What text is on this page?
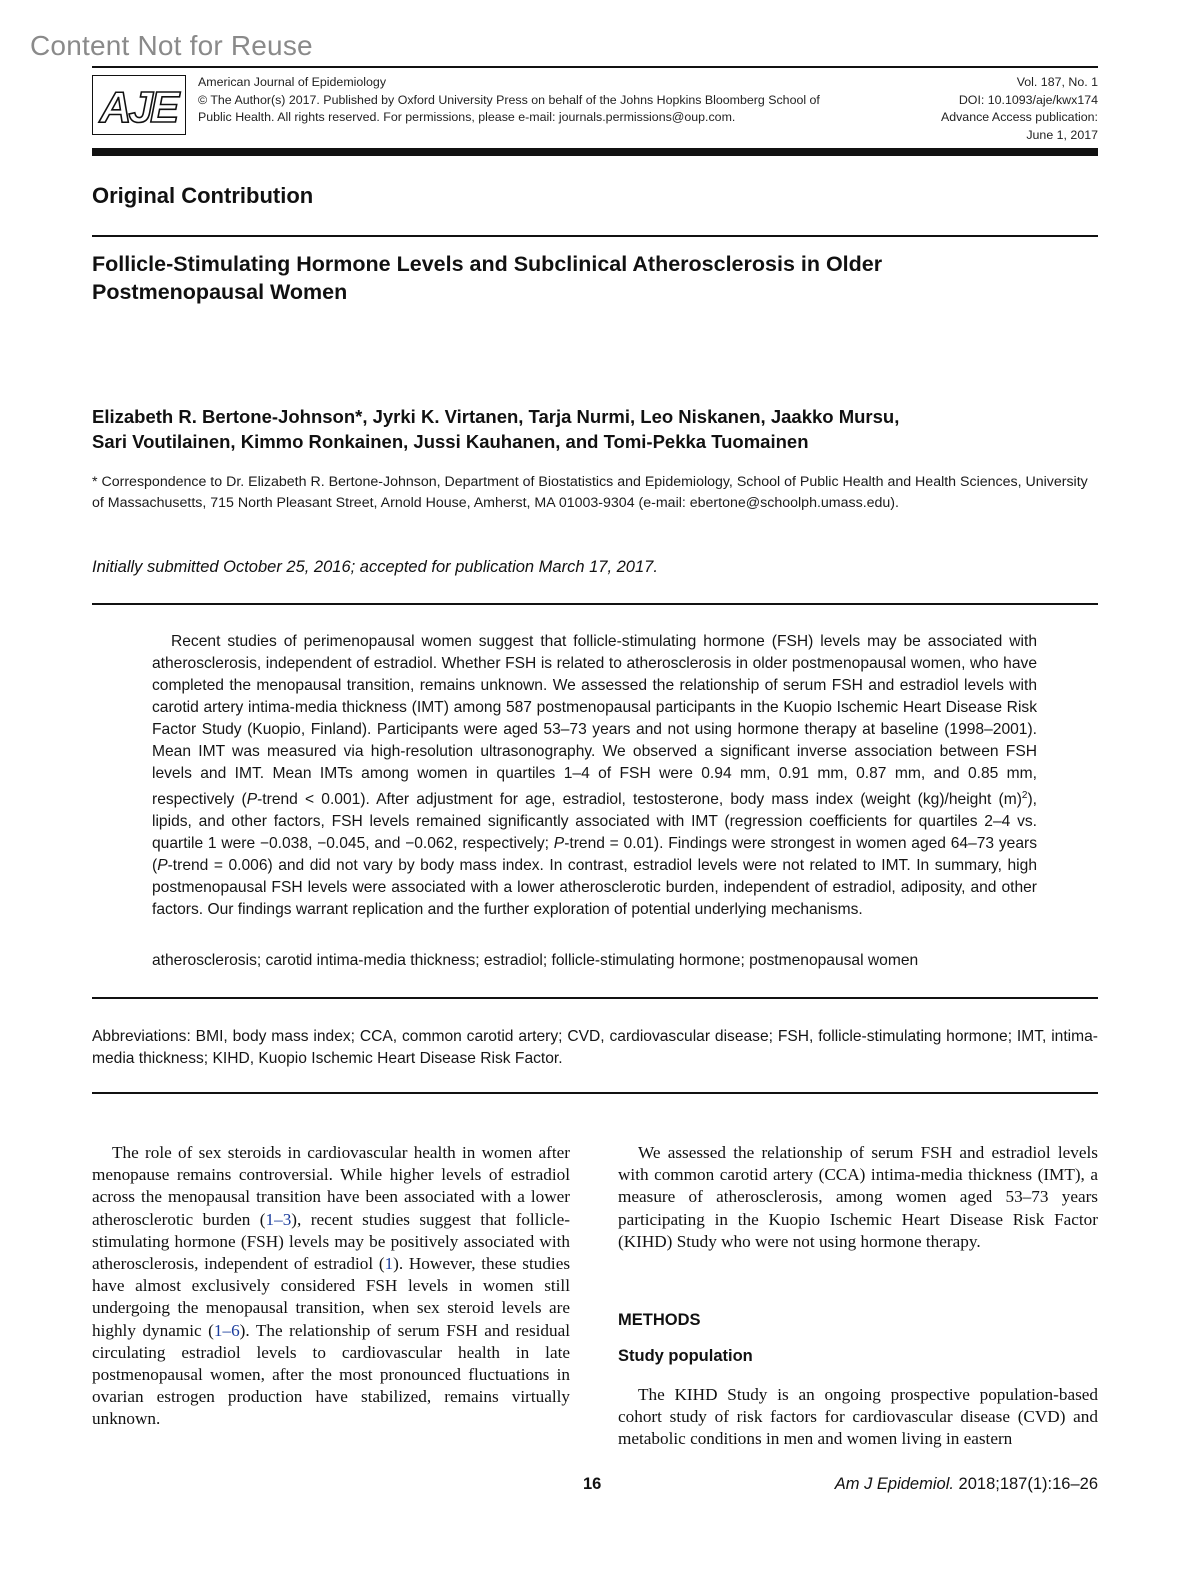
Content Not for Reuse
AJE
American Journal of Epidemiology
© The Author(s) 2017. Published by Oxford University Press on behalf of the Johns Hopkins Bloomberg School of
Public Health. All rights reserved. For permissions, please e-mail: journals.permissions@oup.com.
Vol. 187, No. 1
DOI: 10.1093/aje/kwx174
Advance Access publication:
June 1, 2017
Original Contribution
Follicle-Stimulating Hormone Levels and Subclinical Atherosclerosis in Older Postmenopausal Women
Elizabeth R. Bertone-Johnson*, Jyrki K. Virtanen, Tarja Nurmi, Leo Niskanen, Jaakko Mursu,
Sari Voutilainen, Kimmo Ronkainen, Jussi Kauhanen, and Tomi-Pekka Tuomainen
* Correspondence to Dr. Elizabeth R. Bertone-Johnson, Department of Biostatistics and Epidemiology, School of Public Health and Health Sciences, University of Massachusetts, 715 North Pleasant Street, Arnold House, Amherst, MA 01003-9304 (e-mail: ebertone@schoolph.umass.edu).
Initially submitted October 25, 2016; accepted for publication March 17, 2017.
Recent studies of perimenopausal women suggest that follicle-stimulating hormone (FSH) levels may be associated with atherosclerosis, independent of estradiol. Whether FSH is related to atherosclerosis in older postmenopausal women, who have completed the menopausal transition, remains unknown. We assessed the relationship of serum FSH and estradiol levels with carotid artery intima-media thickness (IMT) among 587 postmenopausal participants in the Kuopio Ischemic Heart Disease Risk Factor Study (Kuopio, Finland). Participants were aged 53–73 years and not using hormone therapy at baseline (1998–2001). Mean IMT was measured via high-resolution ultrasonography. We observed a significant inverse association between FSH levels and IMT. Mean IMTs among women in quartiles 1–4 of FSH were 0.94 mm, 0.91 mm, 0.87 mm, and 0.85 mm, respectively (P-trend < 0.001). After adjustment for age, estradiol, testosterone, body mass index (weight (kg)/height $(m)^2$), lipids, and other factors, FSH levels remained significantly associated with IMT (regression coefficients for quartiles 2–4 vs. quartile 1 were −0.038, −0.045, and −0.062, respectively; P-trend = 0.01). Findings were strongest in women aged 64–73 years (P-trend = 0.006) and did not vary by body mass index. In contrast, estradiol levels were not related to IMT. In summary, high postmenopausal FSH levels were associated with a lower atherosclerotic burden, independent of estradiol, adiposity, and other factors. Our findings warrant replication and the further exploration of potential underlying mechanisms.
atherosclerosis; carotid intima-media thickness; estradiol; follicle-stimulating hormone; postmenopausal women
Abbreviations: BMI, body mass index; CCA, common carotid artery; CVD, cardiovascular disease; FSH, follicle-stimulating hormone; IMT, intima-media thickness; KIHD, Kuopio Ischemic Heart Disease Risk Factor.
The role of sex steroids in cardiovascular health in women after menopause remains controversial. While higher levels of estradiol across the menopausal transition have been associated with a lower atherosclerotic burden (1–3), recent studies suggest that follicle-stimulating hormone (FSH) levels may be positively associated with atherosclerosis, independent of estradiol (1). However, these studies have almost exclusively considered FSH levels in women still undergoing the menopausal transition, when sex steroid levels are highly dynamic (1–6). The relationship of serum FSH and residual circulating estradiol levels to cardiovascular health in late postmenopausal women, after the most pronounced fluctuations in ovarian estrogen production have stabilized, remains virtually unknown.
We assessed the relationship of serum FSH and estradiol levels with common carotid artery (CCA) intima-media thickness (IMT), a measure of atherosclerosis, among women aged 53–73 years participating in the Kuopio Ischemic Heart Disease Risk Factor (KIHD) Study who were not using hormone therapy.
METHODS
Study population
The KIHD Study is an ongoing prospective population-based cohort study of risk factors for cardiovascular disease (CVD) and metabolic conditions in men and women living in eastern
16	Am J Epidemiol. 2018;187(1):16–26
